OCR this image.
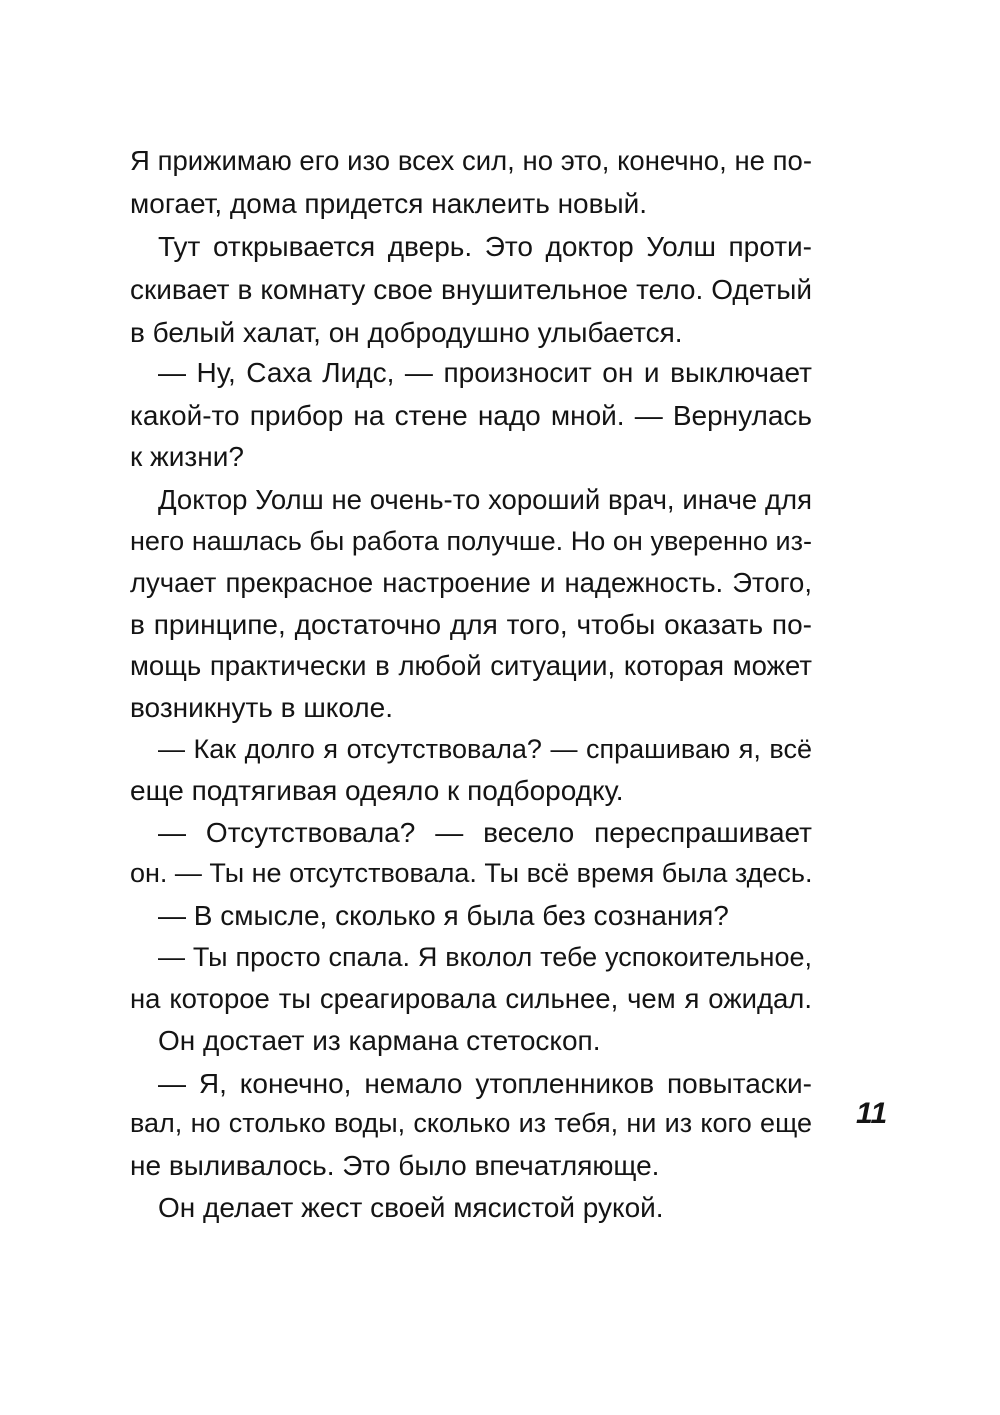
Я прижимаю его изо всех сил, но это, конечно, не по-
могает, дома придется наклеить новый.
Тут открывается дверь. Это доктор Уолш проти-
скивает в комнату свое внушительное тело. Одетый
в белый халат, он добродушно улыбается.
— Ну, Саха Лидс, — произносит он и выключает
какой-то прибор на стене надо мной. — Вернулась
к жизни?
Доктор Уолш не очень-то хороший врач, иначе для
него нашлась бы работа получше. Но он уверенно из-
лучает прекрасное настроение и надежность. Этого,
в принципе, достаточно для того, чтобы оказать по-
мощь практически в любой ситуации, которая может
возникнуть в школе.
— Как долго я отсутствовала? — спрашиваю я, всё
еще подтягивая одеяло к подбородку.
— Отсутствовала? — весело переспрашивает
он. — Ты не отсутствовала. Ты всё время была здесь.
— В смысле, сколько я была без сознания?
— Ты просто спала. Я вколол тебе успокоительное,
на которое ты среагировала сильнее, чем я ожидал.
Он достает из кармана стетоскоп.
— Я, конечно, немало утопленников повытаски-
вал, но столько воды, сколько из тебя, ни из кого еще
не выливалось. Это было впечатляюще.
Он делает жест своей мясистой рукой.
11
